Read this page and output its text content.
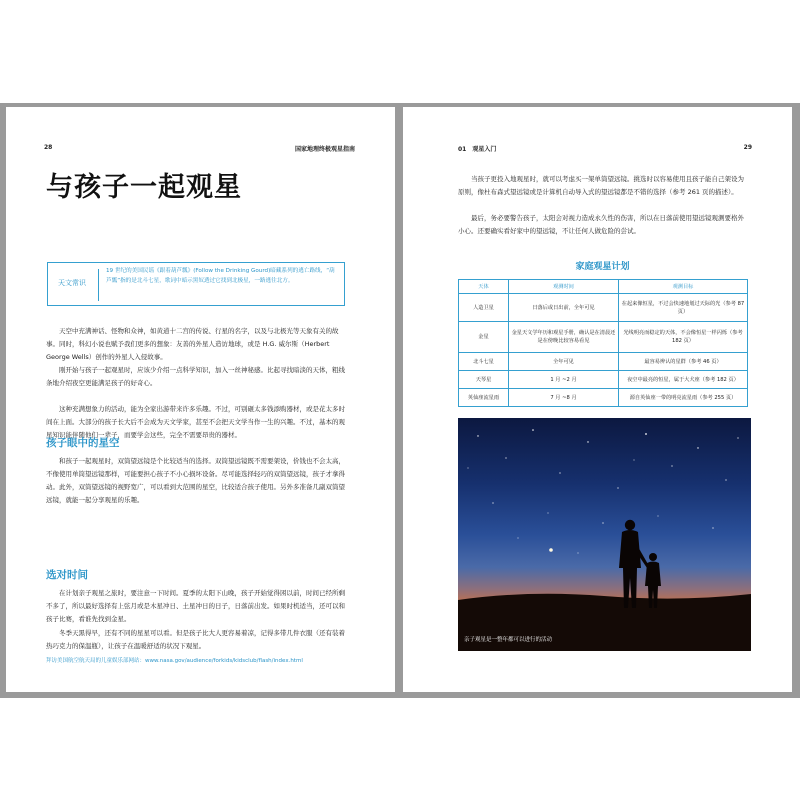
28	国家地理终极观星指南
与孩子一起观星
天文常识
19 世纪的美国民谣《跟着葫芦瓢》(Follow the Drinking Gourd)暗藏系列的逃亡路线，“葫芦瓢”指的是北斗七星，歌词中暗示黑奴透过它找到北极星，一路逃往北方。

天空中充满神话、怪物和众神，如黄道十二宫的传说、行星的名字，以及与北极光等天象有关的故事。同时，科幻小说也赋予我们更多的想象：友善的外星人造访地球，或是 H.G. 威尔斯（Herbert George Wells）创作的外星人入侵故事。

刚开始与孩子一起观星时，应该少介绍一点科学知识，加入一丝神秘感。比起寻找暗淡的天体，粗线条地介绍夜空更能满足孩子的好奇心。

这种充满想象力的活动，能为全家出游带来许多乐趣。不过，可别砸太多钱添购器材，或是花太多时间在上面。大部分的孩子长大后不会成为天文学家，甚至不会把天文学当作一生的兴趣。不过，基本的观星知识能伴随他们一辈子，而要学会这些，完全不需要昂贵的器材。

孩子眼中的星空

和孩子一起观星时，双筒望远镜是个比较适当的选择。双筒望远镜既不需要架设，价钱也不会太高，不像使用单筒望远镜那样，可能要担心孩子不小心损坏设备。尽可能选择轻巧的双筒望远镜，孩子才拿得动。此外，双筒望远镜的视野宽广，可以看到大范围的星空，比较适合孩子使用。另外多准备几副双筒望远镜，就能一起分享观星的乐趣。

选对时间

在计划亲子观星之旅时，要注意一下时间。夏季的太阳下山晚，孩子开始觉得困以前，时间已经所剩不多了，所以最好选择有上弦月或是木星冲日、土星冲日的日子，日落前出发。如果时机适当，还可以和孩子比赛，看谁先找到金星。

冬季天黑得早，还有不同的星星可以看。但是孩子比大人更容易着凉，记得多带几件衣服（还有装着热巧克力的保温瓶），让孩子在温暖舒适的状况下观星。

拜访美国航空航天局的儿童娱乐部网站：www.nasa.gov/audience/forkids/kidsclub/flash/index.html
01　观星入门	29

当孩子更投入地观星时，就可以考虑买一架单筒望远镜。挑选时以容易使用且孩子能自己架设为原则，像杜布森式望远镜或是计算机自动导入式的望远镜都是不错的选择（参考 261 页的描述）。

最后，务必要警告孩子，太阳会对视力造成永久性的伤害，所以在日落前使用望远镜观测要格外小心。还要确实看好家中的望远镜，不让任何人做危险的尝试。

家庭观星计划
天体	观测时间	观测目标
人造卫星	日落后或日出前，全年可见	在起来像恒星，不过会快速地划过天际的光（参考 87 页）
金星	金星天文学年历和观星手册，确认是在清晨还是在傍晚比较容易看见	光线明亮而稳定的天体，不会像恒星一样闪烁（参考 182 页）
北斗七星	全年可见	最容易辨认的星群（参考 46 页）
天琴星	1 月 ~2 月	夜空中最亮的恒星，属于大犬座（参考 182 页）
英仙座流星雨	7 月 ~8 月	源自英仙座一带的明亮流星雨（参考 255 页）
亲子观星是一整年都可以进行的活动
